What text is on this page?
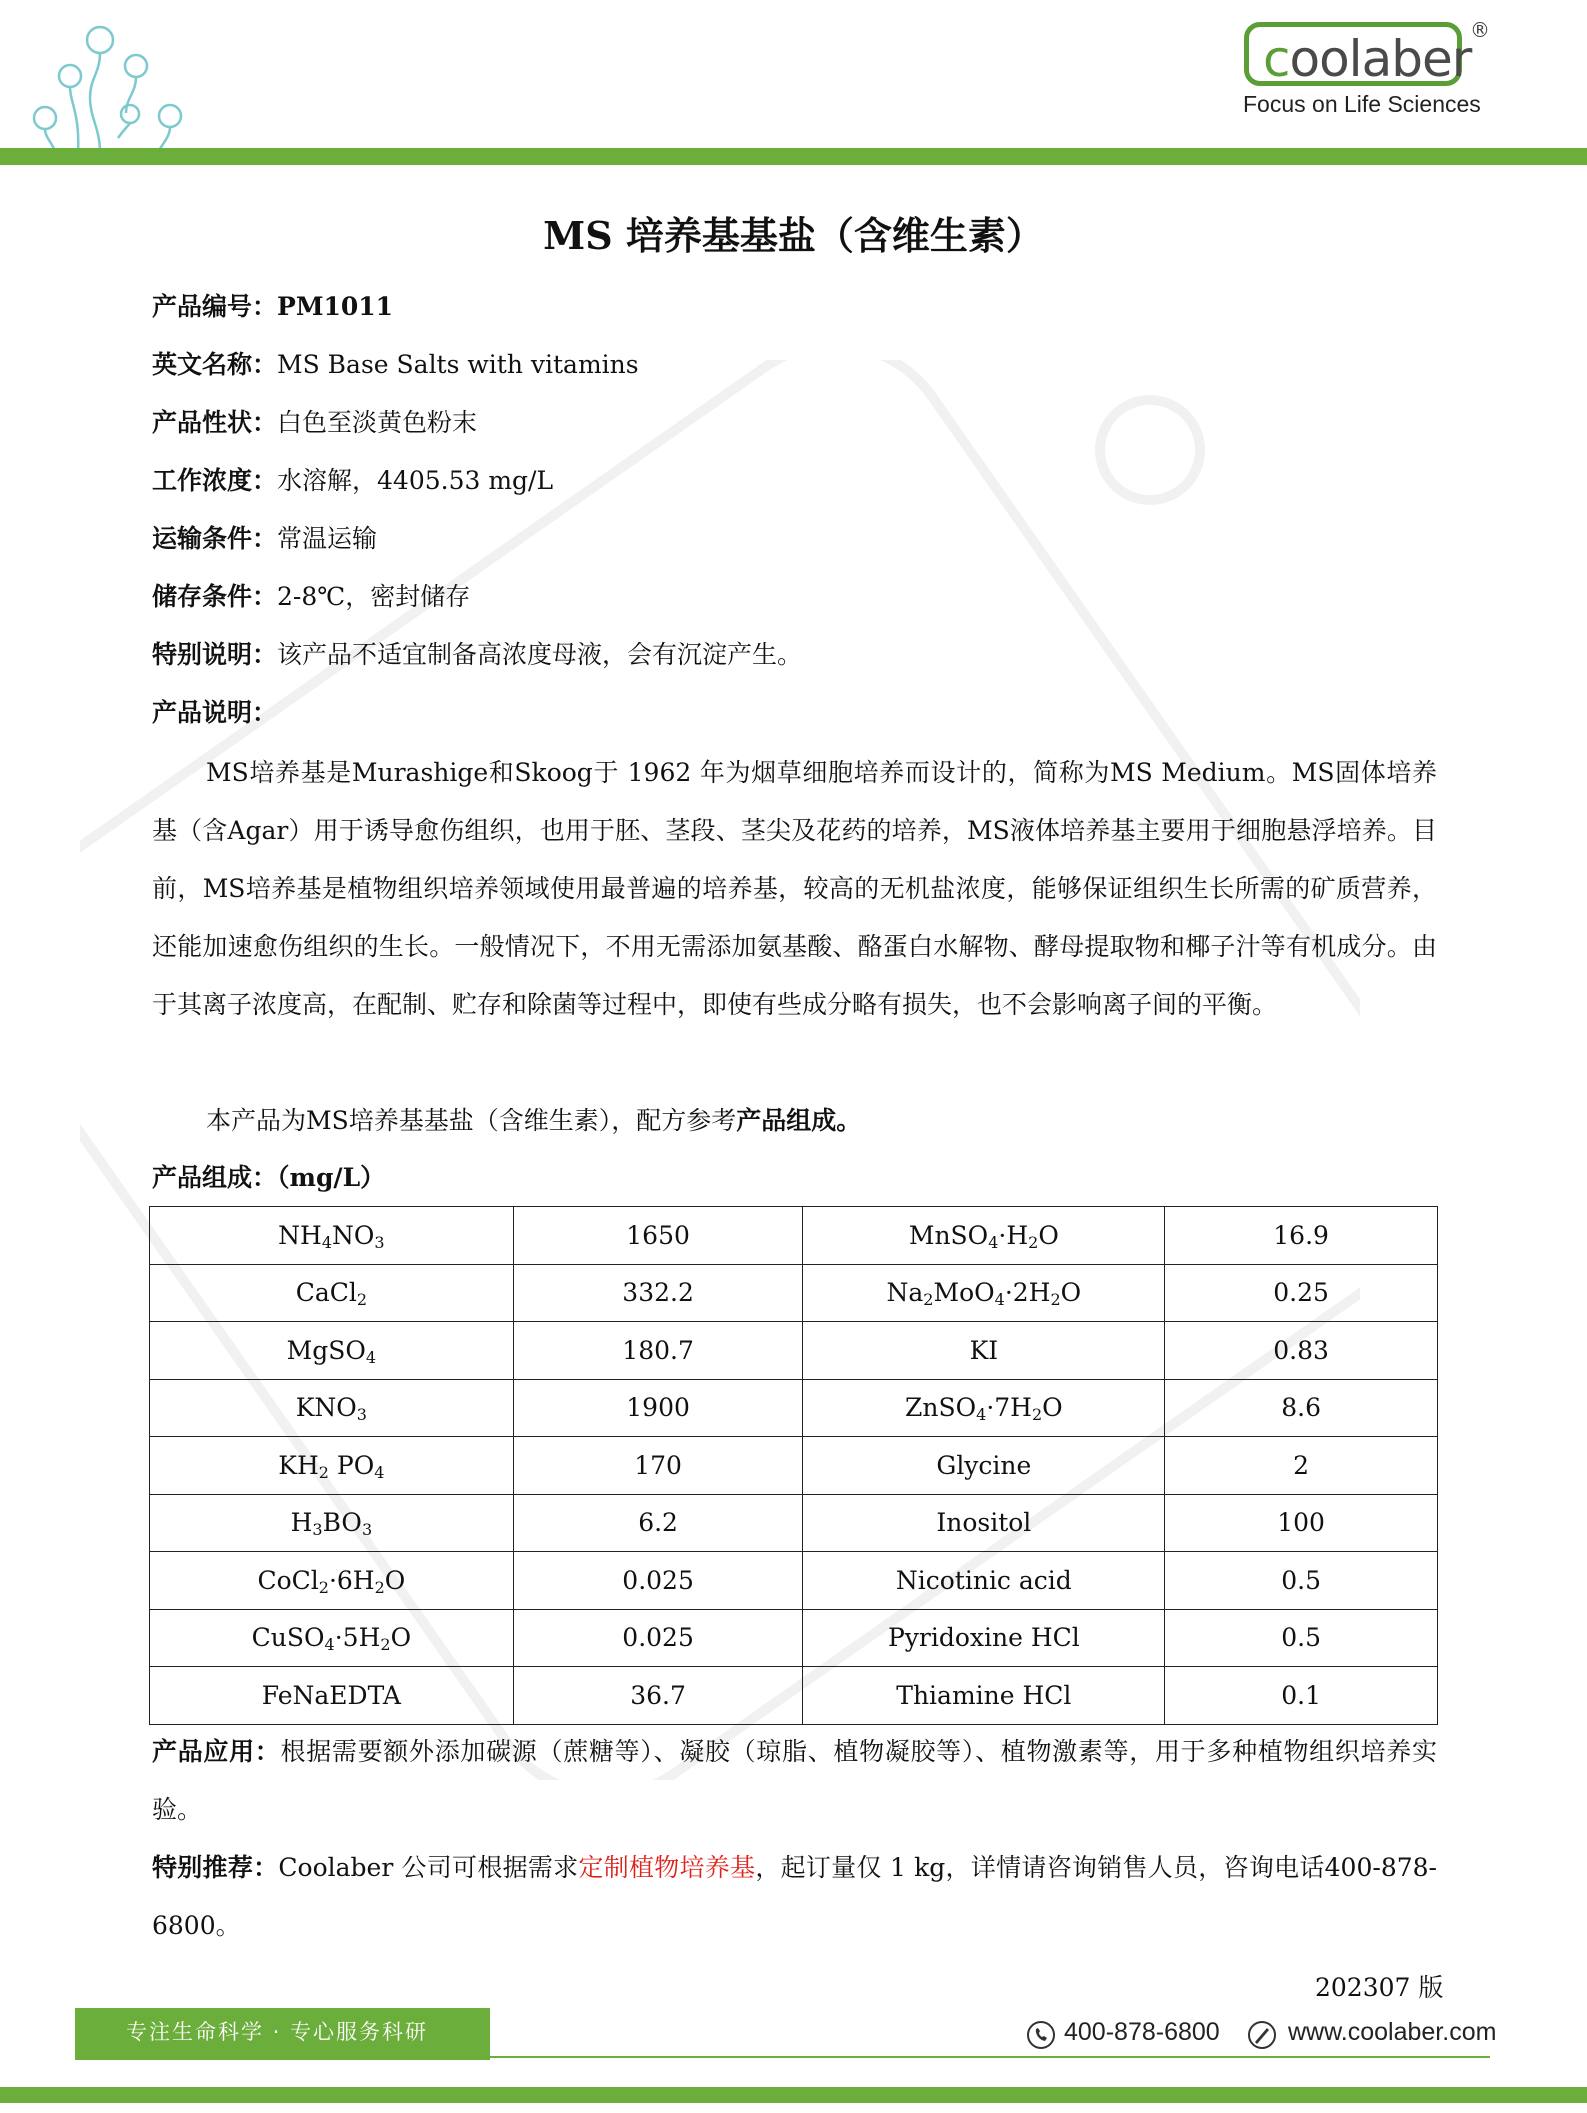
coolaber
®
Focus on Life Sciences
MS 培养基基盐（含维生素）
产品编号：PM1011
英文名称：MS Base Salts with vitamins
产品性状：白色至淡黄色粉末
工作浓度：水溶解，4405.53 mg/L
运输条件：常温运输
储存条件：2-8℃，密封储存
特别说明：该产品不适宜制备高浓度母液，会有沉淀产生。
产品说明：
MS培养基是Murashige和Skoog于 1962 年为烟草细胞培养而设计的，简称为MS Medium。MS固体培养基（含Agar）用于诱导愈伤组织，也用于胚、茎段、茎尖及花药的培养，MS液体培养基主要用于细胞悬浮培养。目前，MS培养基是植物组织培养领域使用最普遍的培养基，较高的无机盐浓度，能够保证组织生长所需的矿质营养，还能加速愈伤组织的生长。一般情况下，不用无需添加氨基酸、酪蛋白水解物、酵母提取物和椰子汁等有机成分。由于其离子浓度高，在配制、贮存和除菌等过程中，即使有些成分略有损失，也不会影响离子间的平衡。
本产品为MS培养基基盐（含维生素），配方参考产品组成。
产品组成：（mg/L）
$NH_4NO_3$	1650	$MnSO_4\cdot H_2O$	16.9
CaCl$_2$	332.2	$Na_2MoO_4\cdot 2H_2O$	0.25
MgSO$_4$	180.7	KI	0.83
$KNO_3$	1900	$ZnSO_4\cdot 7H_2O$	8.6
$KH_2$ $PO_4$	170	Glycine	2
$H_3BO_3$	6.2	Inositol	100
$CoCl_2\cdot 6H_2O$	0.025	Nicotinic acid	0.5
$CuSO_4\cdot 5H_2O$	0.025	Pyridoxine HCl	0.5
FeNaEDTA	36.7	Thiamine HCl	0.1
产品应用：根据需要额外添加碳源（蔗糖等）、凝胶（琼脂、植物凝胶等）、植物激素等，用于多种植物组织培养实验。
特别推荐：Coolaber 公司可根据需求定制植物培养基，起订量仅 1 kg，详情请咨询销售人员，咨询电话400-878-6800。
202307 版
专注生命科学 · 专心服务科研	400-878-6800	www.coolaber.com
